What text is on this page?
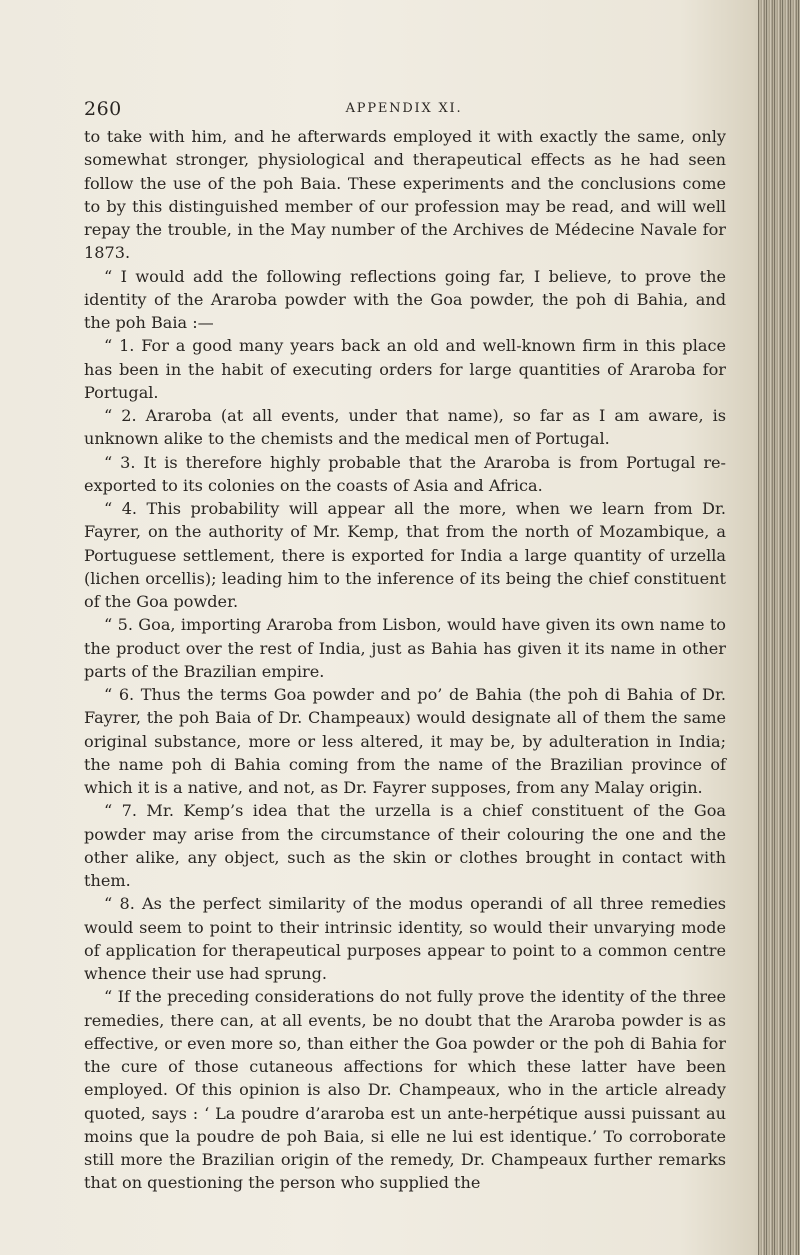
260	APPENDIX XI.

to take with him, and he afterwards employed it with exactly the same, only somewhat stronger, physiological and therapeutical effects as he had seen follow the use of the poh Baia. These experiments and the conclusions come to by this distinguished member of our profession may be read, and will well repay the trouble, in the May number of the Archives de Médecine Navale for 1873.

“ I would add the following reflections going far, I believe, to prove the identity of the Araroba powder with the Goa powder, the poh di Bahia, and the poh Baia :—

“ 1. For a good many years back an old and well-known firm in this place has been in the habit of executing orders for large quantities of Araroba for Portugal.

“ 2. Araroba (at all events, under that name), so far as I am aware, is unknown alike to the chemists and the medical men of Portugal.

“ 3. It is therefore highly probable that the Araroba is from Portugal re-exported to its colonies on the coasts of Asia and Africa.

“ 4. This probability will appear all the more, when we learn from Dr. Fayrer, on the authority of Mr. Kemp, that from the north of Mozambique, a Portuguese settlement, there is exported for India a large quantity of urzella (lichen orcellis); leading him to the inference of its being the chief constituent of the Goa powder.

“ 5. Goa, importing Araroba from Lisbon, would have given its own name to the product over the rest of India, just as Bahia has given it its name in other parts of the Brazilian empire.

“ 6. Thus the terms Goa powder and po’ de Bahia (the poh di Bahia of Dr. Fayrer, the poh Baia of Dr. Champeaux) would designate all of them the same original substance, more or less altered, it may be, by adulteration in India; the name poh di Bahia coming from the name of the Brazilian province of which it is a native, and not, as Dr. Fayrer supposes, from any Malay origin.

“ 7. Mr. Kemp’s idea that the urzella is a chief constituent of the Goa powder may arise from the circumstance of their colouring the one and the other alike, any object, such as the skin or clothes brought in contact with them.

“ 8. As the perfect similarity of the modus operandi of all three remedies would seem to point to their intrinsic identity, so would their unvarying mode of application for therapeutical purposes appear to point to a common centre whence their use had sprung.

“ If the preceding considerations do not fully prove the identity of the three remedies, there can, at all events, be no doubt that the Araroba powder is as effective, or even more so, than either the Goa powder or the poh di Bahia for the cure of those cutaneous affections for which these latter have been employed. Of this opinion is also Dr. Champeaux, who in the article already quoted, says : ‘ La poudre d’araroba est un ante-herpétique aussi puissant au moins que la poudre de poh Baia, si elle ne lui est identique.’ To corroborate still more the Brazilian origin of the remedy, Dr. Champeaux further remarks that on questioning the person who supplied the
